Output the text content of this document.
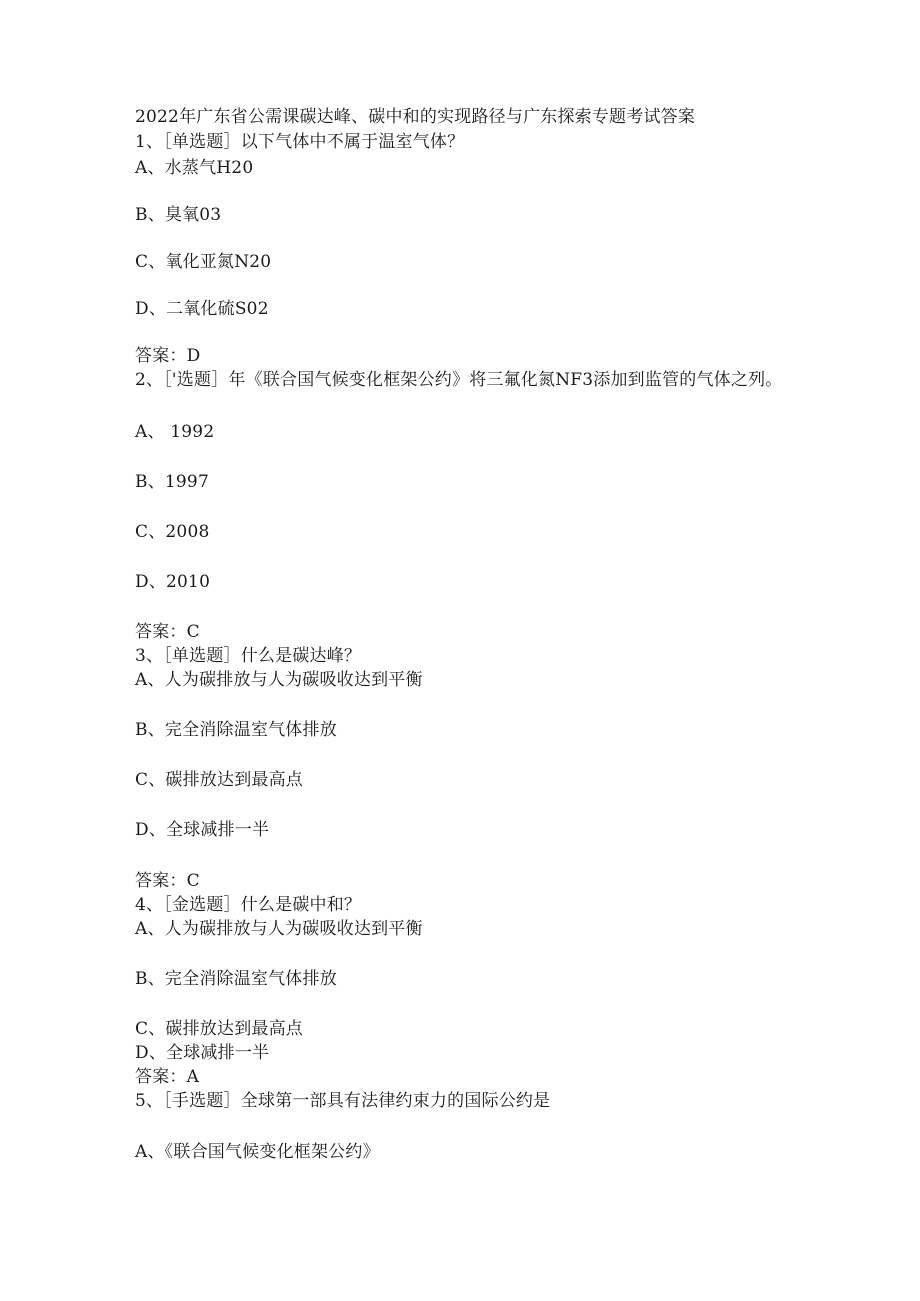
2022年广东省公需课碳达峰、碳中和的实现路径与广东探索专题考试答案
1、［单选题］以下气体中不属于温室气体？
A、水蒸气H20
B、臭氧03
C、氧化亚氮N20
D、二氧化硫S02
答案：D
2、［'选题］年《联合国气候变化框架公约》将三氟化氮NF3添加到监管的气体之列。
A、 1992
B、1997
C、2008
D、2010
答案：C
3、［单选题］什么是碳达峰？
A、人为碳排放与人为碳吸收达到平衡
B、完全消除温室气体排放
C、碳排放达到最高点
D、全球减排一半
答案：C
4、［金选题］什么是碳中和？
A、人为碳排放与人为碳吸收达到平衡
B、完全消除温室气体排放
C、碳排放达到最高点
D、全球减排一半
答案：A
5、［手选题］全球第一部具有法律约束力的国际公约是
A、《联合国气候变化框架公约》
